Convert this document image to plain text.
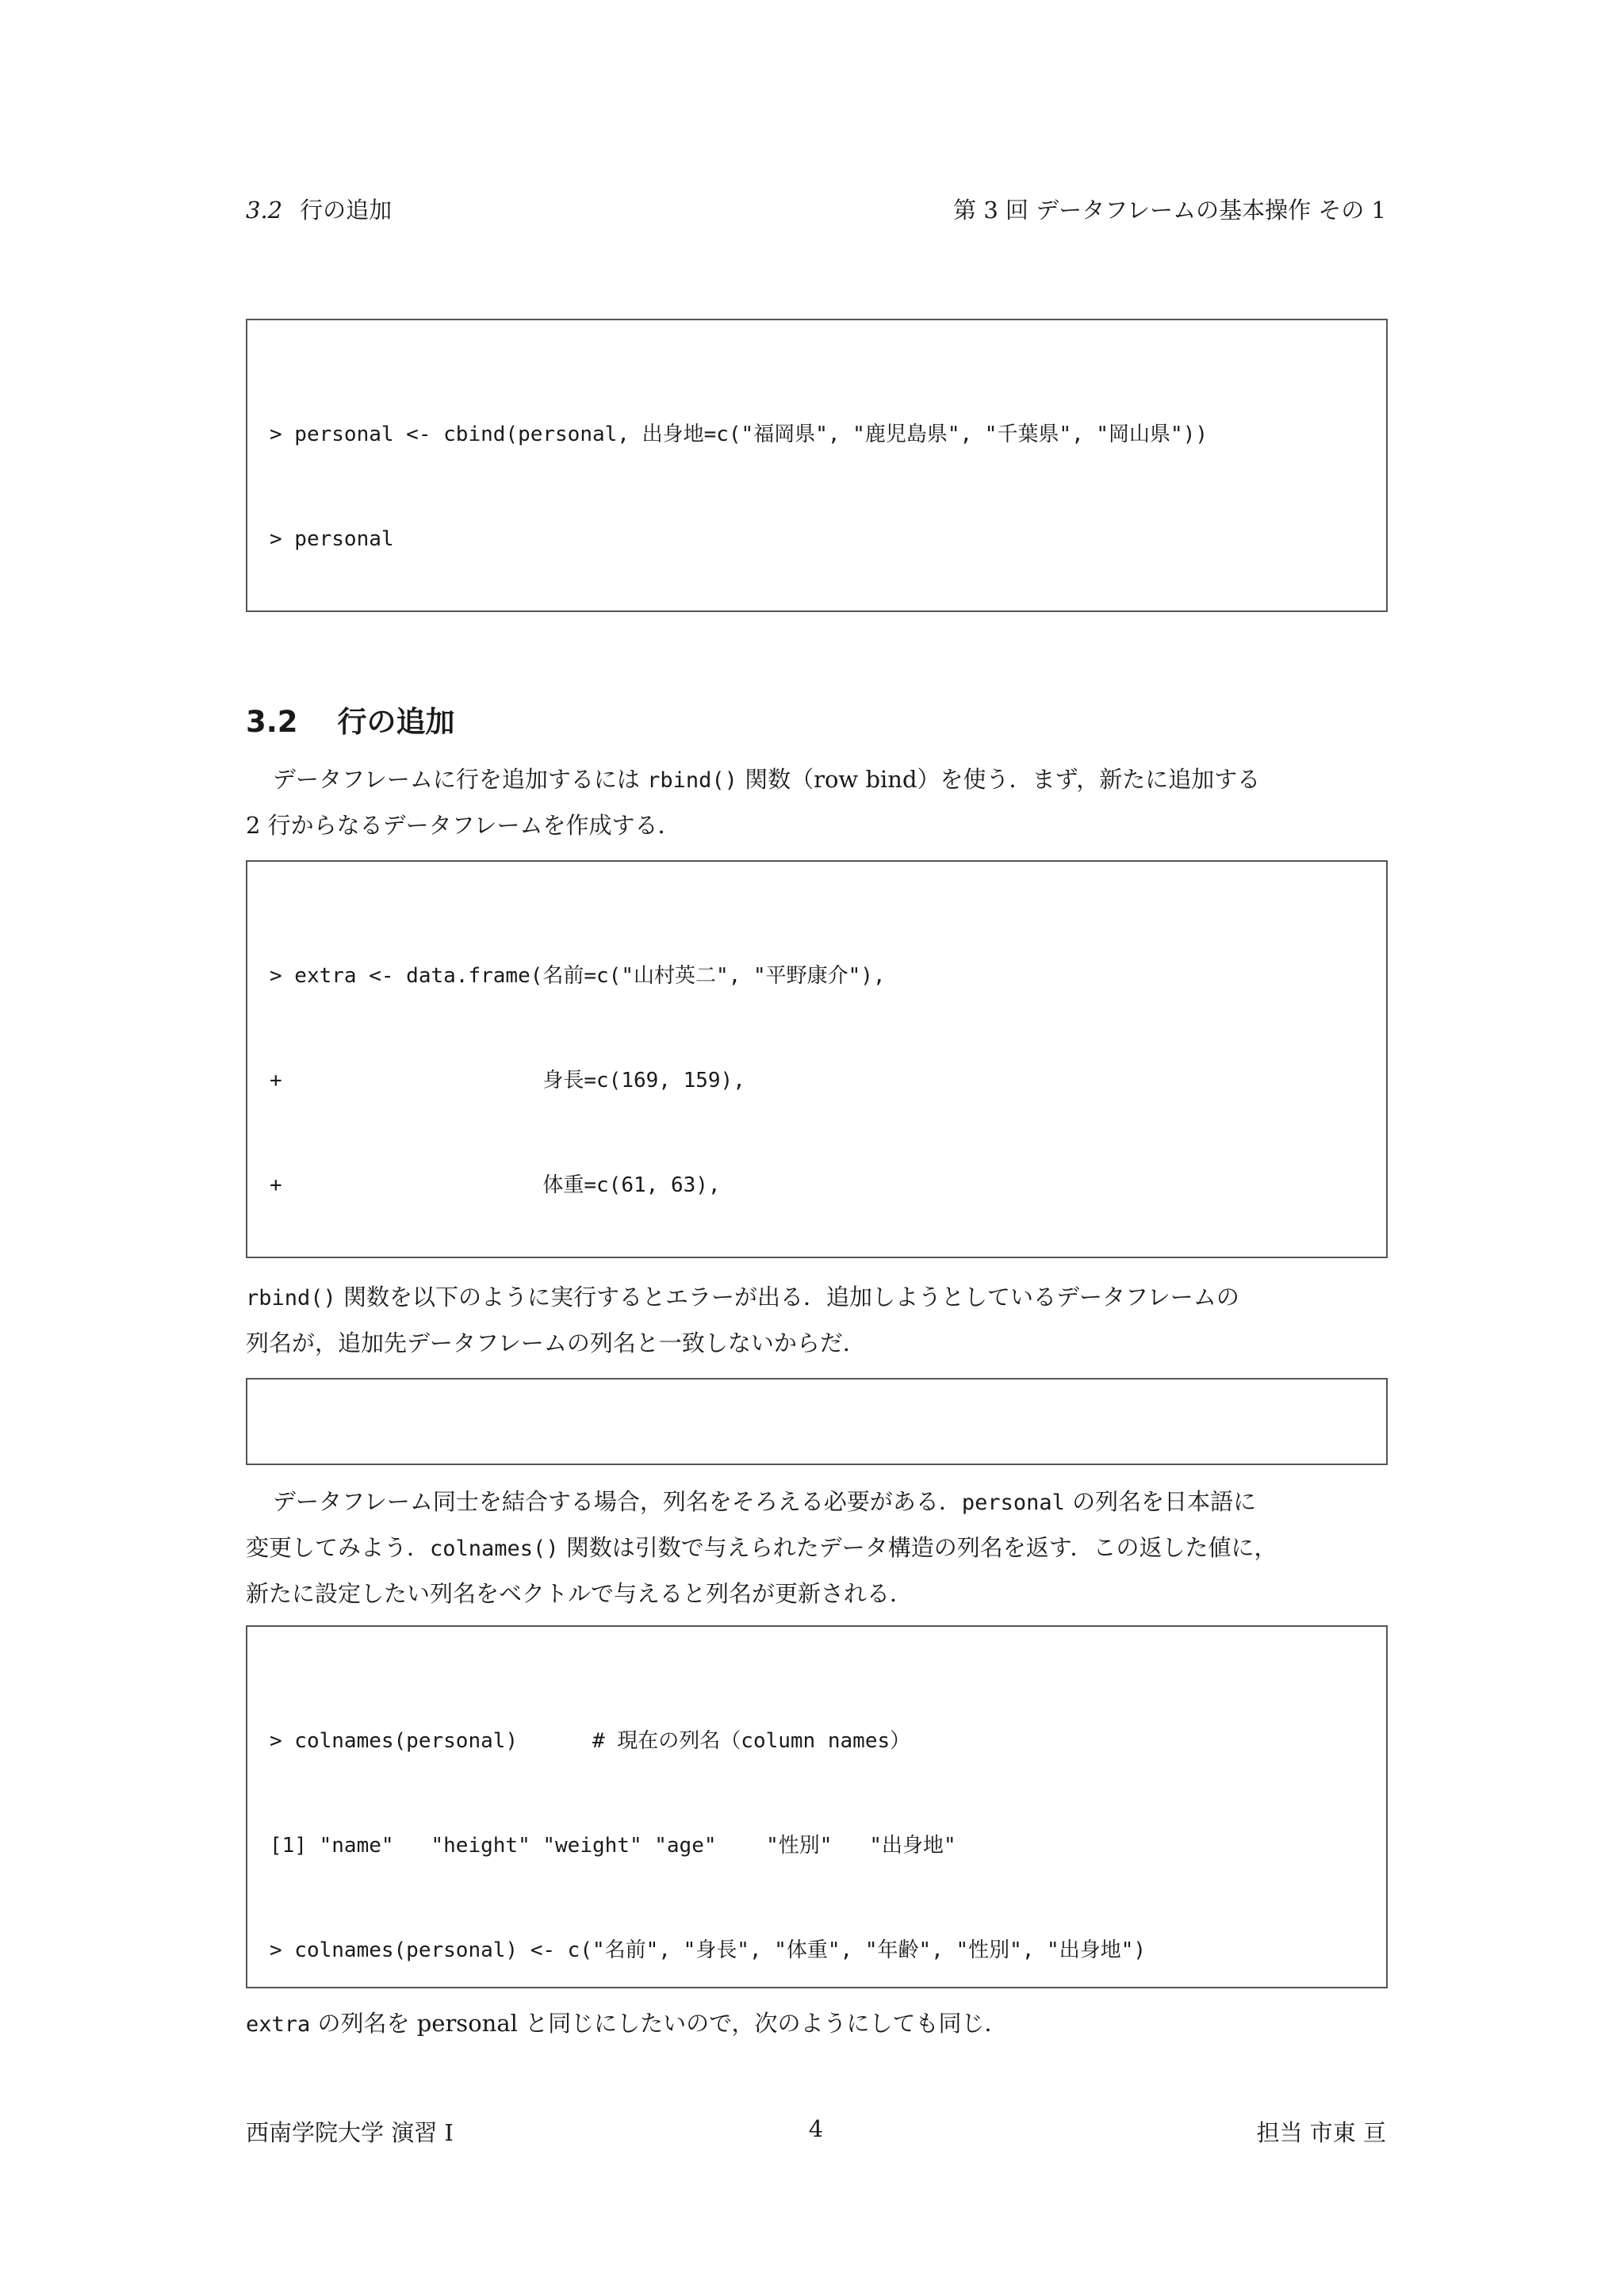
3.2 行の追加	第 3 回 データフレームの基本操作 その 1

> personal <- cbind(personal, 出身地=c("福岡県", "鹿児島県", "千葉県", "岡山県"))

> personal

3.2 行の追加
データフレームに行を追加するには rbind() 関数（row bind）を使う．まず，新たに追加する
2 行からなるデータフレームを作成する．

> extra <- data.frame(名前=c("山村英二", "平野康介"),

+                     身長=c(169, 159),

+                     体重=c(61, 63),

rbind() 関数を以下のように実行するとエラーが出る．追加しようとしているデータフレームの
列名が，追加先データフレームの列名と一致しないからだ．

データフレーム同士を結合する場合，列名をそろえる必要がある．personal の列名を日本語に
変更してみよう．colnames() 関数は引数で与えられたデータ構造の列名を返す．この返した値に，
新たに設定したい列名をベクトルで与えると列名が更新される．

> colnames(personal)      # 現在の列名（column names）

[1] "name"   "height" "weight" "age"    "性別"   "出身地"

> colnames(personal) <- c("名前", "身長", "体重", "年齢", "性別", "出身地")

extra の列名を personal と同じにしたいので，次のようにしても同じ．
西南学院大学 演習 I	4	担当 市東 亘
